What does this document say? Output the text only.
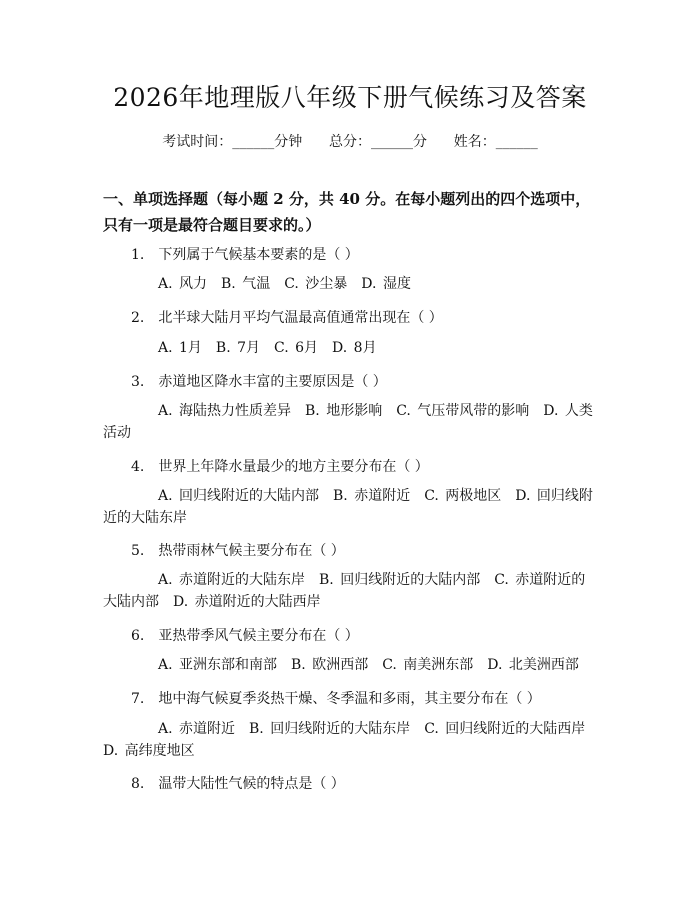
2026年地理版八年级下册气候练习及答案
考试时间：______分钟      总分：______分      姓名：______
一、单项选择题（每小题 2 分，共 40 分。在每小题列出的四个选项中，只有一项是最符合题目要求的。）
1.　下列属于气候基本要素的是（ ）
A. 风力　B. 气温　C. 沙尘暴　D. 湿度
2.　北半球大陆月平均气温最高值通常出现在（ ）
A. 1月　B. 7月　C. 6月　D. 8月
3.　赤道地区降水丰富的主要原因是（ ）
A. 海陆热力性质差异　B. 地形影响　C. 气压带风带的影响　D. 人类活动
4.　世界上年降水量最少的地方主要分布在（ ）
A. 回归线附近的大陆内部　B. 赤道附近　C. 两极地区　D. 回归线附近的大陆东岸
5.　热带雨林气候主要分布在（ ）
A. 赤道附近的大陆东岸　B. 回归线附近的大陆内部　C. 赤道附近的大陆内部　D. 赤道附近的大陆西岸
6.　亚热带季风气候主要分布在（ ）
A. 亚洲东部和南部　B. 欧洲西部　C. 南美洲东部　D. 北美洲西部
7.　地中海气候夏季炎热干燥、冬季温和多雨，其主要分布在（ ）
A. 赤道附近　B. 回归线附近的大陆东岸　C. 回归线附近的大陆西岸 D. 高纬度地区
8.　温带大陆性气候的特点是（ ）
